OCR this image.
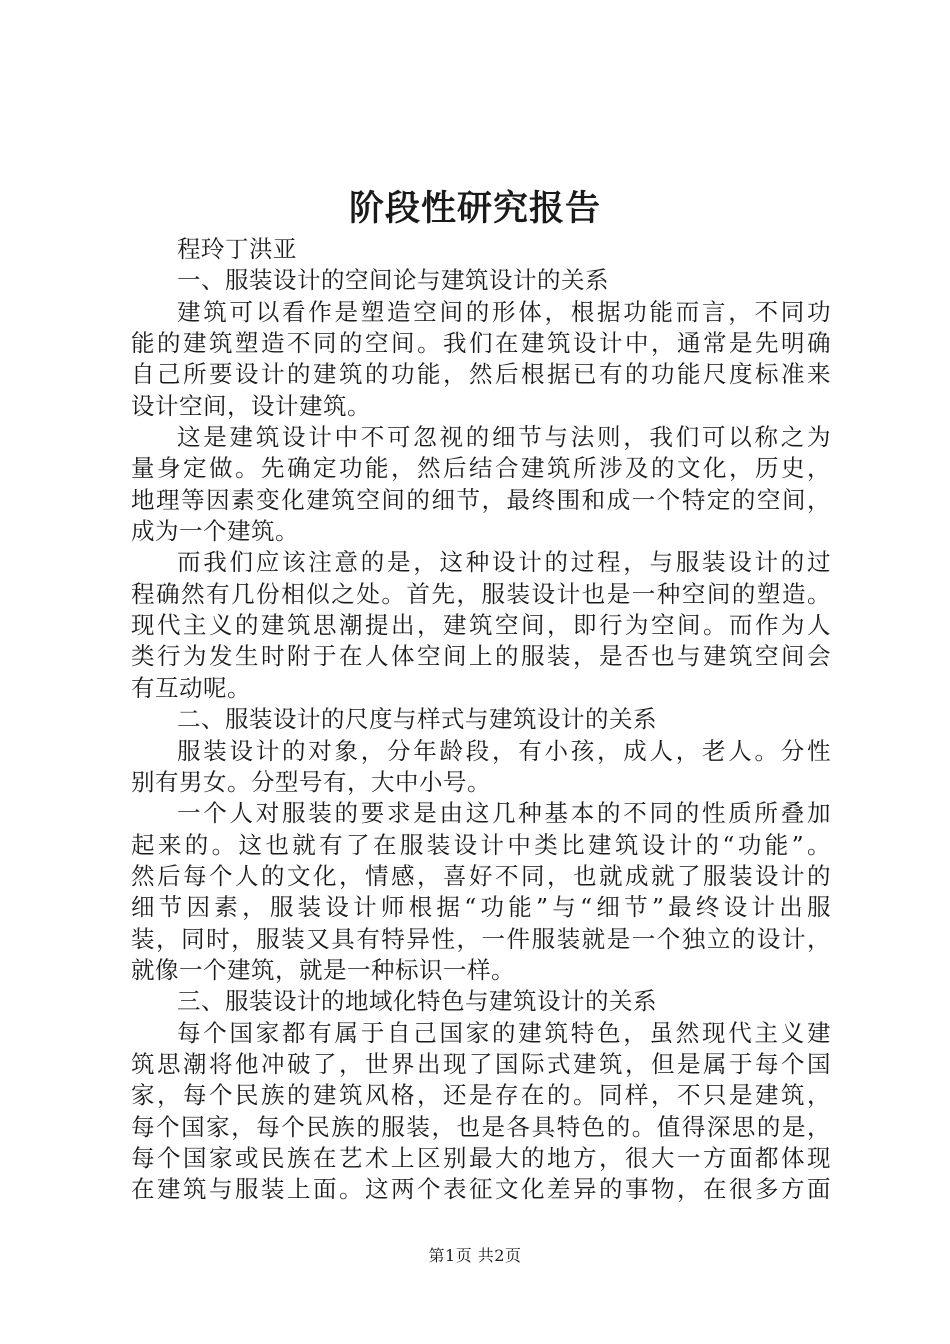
阶段性研究报告
程玲丁洪亚
一、服装设计的空间论与建筑设计的关系
建筑可以看作是塑造空间的形体，根据功能而言，不同功
能的建筑塑造不同的空间。我们在建筑设计中，通常是先明确
自己所要设计的建筑的功能，然后根据已有的功能尺度标准来
设计空间，设计建筑。
这是建筑设计中不可忽视的细节与法则，我们可以称之为
量身定做。先确定功能，然后结合建筑所涉及的文化，历史，
地理等因素变化建筑空间的细节，最终围和成一个特定的空间，
成为一个建筑。
而我们应该注意的是，这种设计的过程，与服装设计的过
程确然有几份相似之处。首先，服装设计也是一种空间的塑造。
现代主义的建筑思潮提出，建筑空间，即行为空间。而作为人
类行为发生时附于在人体空间上的服装，是否也与建筑空间会
有互动呢。
二、服装设计的尺度与样式与建筑设计的关系
服装设计的对象，分年龄段，有小孩，成人，老人。分性
别有男女。分型号有，大中小号。
一个人对服装的要求是由这几种基本的不同的性质所叠加
起来的。这也就有了在服装设计中类比建筑设计的“功能”。
然后每个人的文化，情感，喜好不同，也就成就了服装设计的
细节因素，服装设计师根据“功能”与“细节”最终设计出服
装，同时，服装又具有特异性，一件服装就是一个独立的设计，
就像一个建筑，就是一种标识一样。
三、服装设计的地域化特色与建筑设计的关系
每个国家都有属于自己国家的建筑特色，虽然现代主义建
筑思潮将他冲破了，世界出现了国际式建筑，但是属于每个国
家，每个民族的建筑风格，还是存在的。同样，不只是建筑，
每个国家，每个民族的服装，也是各具特色的。值得深思的是，
每个国家或民族在艺术上区别最大的地方，很大一方面都体现
在建筑与服装上面。这两个表征文化差异的事物，在很多方面
第1页 共2页
